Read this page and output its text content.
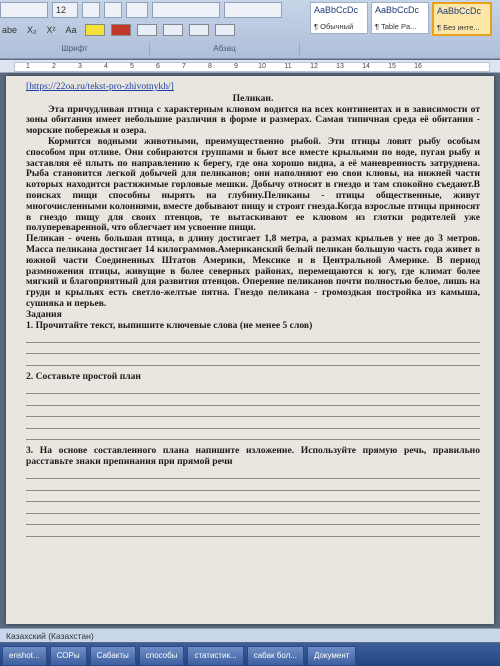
12
abe X₂ X² Aa
Шрифт	Абзац
AaBbCcDc
¶ Обычный
AaBbCcDc
¶ Table Pa...
AaBbCcDc
¶ Без инте...
1	2	3	4	5	6	7	8	9	10	11	12	13	14	15	16

[https://22oa.ru/tekst-pro-zhivotnykh/]

Пеликан.

Эта причудливая птица с характерным клювом водится на всех континентах и в зависимости от зоны обитания имеет небольшие различия в форме и размерах. Самая типичная среда её обитания - морские побережья и озера.

Кормится водными животными, преимущественно рыбой. Эти птицы ловят рыбу особым способом при отливе. Они собираются группами и бьют все вместе крыльями по воде, пугая рыбу и заставляя её плыть по направлению к берегу, где она хорошо видна, а её маневренность затруднена. Рыба становится легкой добычей для пеликанов; они наполняют ею свои клювы, на нижней части которых находится растяжимые горловые мешки. Добычу относят в гнездо и там спокойно съедают.В поисках пищи способны нырять на глубину.Пеликаны - птицы общественные, живут многочисленными колониями, вместе добывают пищу и строят гнезда.Когда взрослые птицы приносят в гнездо пищу для своих птенцов, те вытаскивают ее клювом из глотки родителей уже полупереваренной, что облегчает им усвоение пищи.

Пеликан - очень большая птица, в длину достигает 1,8 метра, а размах крыльев у нее до 3 метров. Масса пеликана достигает 14 килограммов.Американский белый пеликан большую часть года живет в южной части Соединенных Штатов Америки, Мексике и в Центральной Америке. В период размножения птицы, живущие в более северных районах, перемещаются к югу, где климат более мягкий и благоприятный для развития птенцов. Оперение пеликанов почти полностью белое, лишь на груди и крыльях есть светло-желтые пятна. Гнездо пеликана - громоздкая постройка из камыша, сушняка и перьев.

Задания

1. Прочитайте текст, выпишите ключевые слова (не менее 5 слов)

2. Составьте простой план

3. На основе составленного плана напишите изложение. Используйте прямую речь, правильно расставьте знаки препинания при прямой речи

Казахский (Казахстан)
enshot...	СОРы	Сабакты	способы	статистик...	сабак бол...	Документ
